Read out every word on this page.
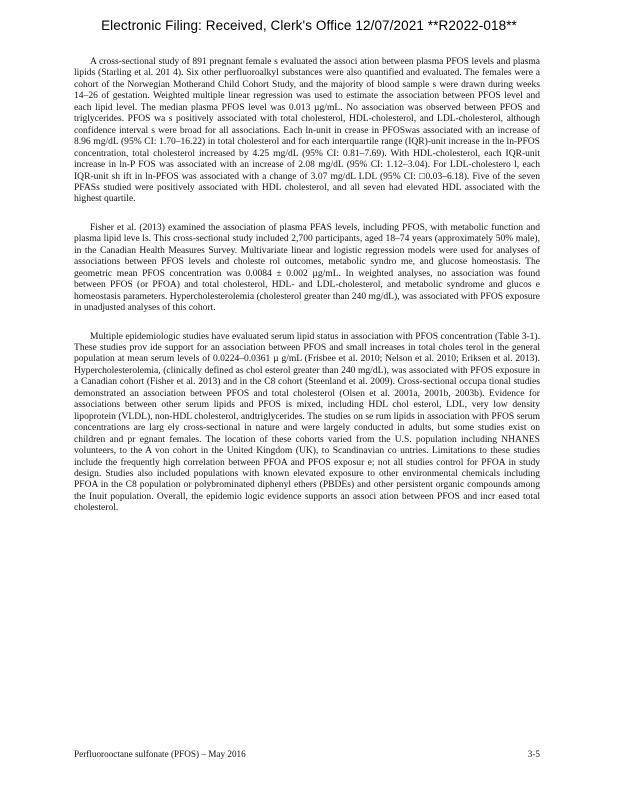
Electronic Filing: Received, Clerk's Office 12/07/2021 **R2022-018**

A cross-sectional study of 891 pregnant female s evaluated the associ ation between plasma PFOS levels and plasma lipids (Starling et al. 201 4). Six other perfluoroalkyl substances were also quantified and evaluated. The females were a cohort of the Norwegian Motherand Child Cohort Study, and the majority of blood sample s were drawn during weeks 14–26 of gestation. Weighted multiple linear regression was used to estimate the association between PFOS level and each lipid level. The median plasma PFOS level was 0.013 µg/mL. No association was observed between PFOS and triglycerides. PFOS wa s positively associated with total cholesterol, HDL-cholesterol, and LDL-cholesterol, although confidence interval s were broad for all associations. Each ln-unit in crease in PFOSwas associated with an increase of 8.96 mg/dL (95% CI: 1.70–16.22) in total cholesterol and for each interquartile range (IQR)-unit increase in the ln-PFOS concentration, total cholesterol increased by 4.25 mg/dL (95% CI: 0.81–7.69). With HDL-cholesterol, each IQR-unit increase in ln-P FOS was associated with an increase of 2.08 mg/dL (95% CI: 1.12–3.04). For LDL-cholestero l, each IQR-unit sh ift in ln-PFOS was associated with a change of 3.07 mg/dL LDL (95% CI: □0.03–6.18). Five of the seven PFASs studied were positively associated with HDL cholesterol, and all seven had elevated HDL associated with the highest quartile.

Fisher et al. (2013) examined the association of plasma PFAS levels, including PFOS, with metabolic function and plasma lipid leve ls. This cross-sectional study included 2,700 participants, aged 18–74 years (approximately 50% male), in the Canadian Health Measures Survey. Multivariate linear and logistic regression models were used for analyses of associations between PFOS levels and choleste rol outcomes, metabolic syndro me, and glucose homeostasis. The geometric mean PFOS concentration was 0.0084 ± 0.002 µg/mL. In weighted analyses, no association was found between PFOS (or PFOA) and total cholesterol, HDL- and LDL-cholesterol, and metabolic syndrome and glucos e homeostasis parameters. Hypercholesterolemia (cholesterol greater than 240 mg/dL), was associated with PFOS exposure in unadjusted analyses of this cohort.

Multiple epidemiologic studies have evaluated serum lipid status in association with PFOS concentration (Table 3-1). These studies prov ide support for an association between PFOS and small increases in total choles terol in the general population at mean serum levels of 0.0224–0.0361 µ g/mL (Frisbee et al. 2010; Nelson et al. 2010; Eriksen et al. 2013). Hypercholesterolemia, (clinically defined as chol esterol greater than 240 mg/dL), was associated with PFOS exposure in a Canadian cohort (Fisher et al. 2013) and in the C8 cohort (Steenland et al. 2009). Cross-sectional occupa tional studies demonstrated an association between PFOS and total cholesterol (Olsen et al. 2001a, 2001b, 2003b). Evidence for associations between other serum lipids and PFOS is mixed, including HDL chol esterol, LDL, very low density lipoprotein (VLDL), non-HDL cholesterol, andtriglycerides. The studies on se rum lipids in association with PFOS serum concentrations are larg ely cross-sectional in nature and were largely conducted in adults, but some studies exist on children and pr egnant females. The location of these cohorts varied from the U.S. population including NHANES volunteers, to the A von cohort in the United Kingdom (UK), to Scandinavian co untries. Limitations to these studies include the frequently high correlation between PFOA and PFOS exposur e; not all studies control for PFOA in study design. Studies also included populations with known elevated exposure to other environmental chemicals including PFOA in the C8 population or polybrominated diphenyl ethers (PBDEs) and other persistent organic compounds among the Inuit population. Overall, the epidemio logic evidence supports an associ ation between PFOS and incr eased total cholesterol.

Perfluorooctane sulfonate (PFOS) – May 2016	3-5
